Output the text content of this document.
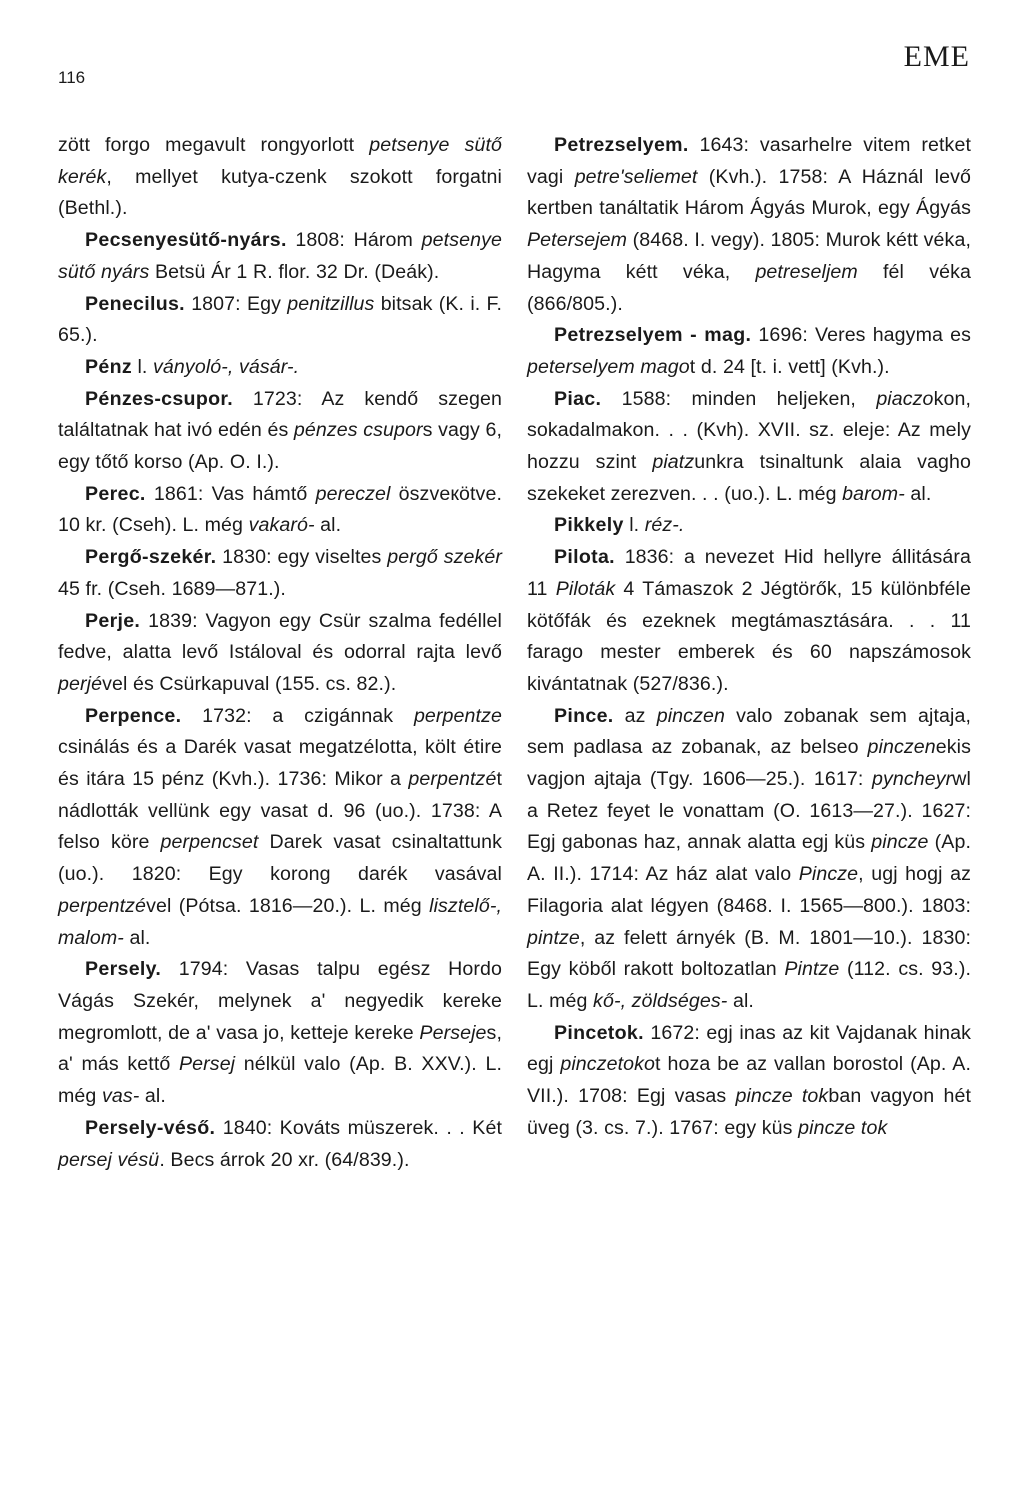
116
EME

zött forgo megavult rongyorlott petsenye sütő kerék, mellyet kutya-czenk szokott forgatni (Bethl.).

Pecsenyesütő-nyárs. 1808: Három petsenye sütő nyárs Betsü Ár 1 R. flor. 32 Dr. (Deák).

Penecilus. 1807: Egy penitzillus bitsak (K. i. F. 65.).

Pénz l. ványoló-, vásár-.

Pénzes-csupor. 1723: Az kendő szegen találtatnak hat ivó edén és pénzes csupors vagy 6, egy tőtő korso (Ap. O. I.).

Perec. 1861: Vas hámtő pereczel öszveкötve. 10 kr. (Cseh). L. még vakaró- al.

Pergő-szekér. 1830: egy viseltes pergő szekér 45 fr. (Cseh. 1689—871.).

Perje. 1839: Vagyon egy Csür szalma fedéllel fedve, alatta levő Istáloval és odorral rajta levő perjével és Csürkapuval (155. cs. 82.).

Perpence. 1732: a czigánnak perpentze csinálás és a Darék vasat megatzélotta, költ étire és itára 15 pénz (Kvh.). 1736: Mikor a perpentzét nádlották vellünk egy vasat d. 96 (uo.). 1738: A felso köre perpencset Darek vasat csinaltattunk (uo.). 1820: Egy korong darék vasával perpentzével (Pótsa. 1816—20.). L. még lisztelő-, malom- al.

Persely. 1794: Vasas talpu egész Hordo Vágás Szekér, melynek a' negyedik kereke megromlott, de a' vasa jo, ketteje kereke Persejes, a' más kettő Persej nélkül valo (Ap. B. XXV.). L. még vas- al.

Persely-véső. 1840: Kováts müszerek. . . Két persej vésü. Becs árrok 20 xr. (64/839.).

Petrezselyem. 1643: vasarhelre vitem retket vagi petre'seliemet (Kvh.). 1758: A Háznál levő kertben tanáltatik Három Ágyás Murok, egy Ágyás Petersejem (8468. I. vegy). 1805: Murok kétt véka, Hagyma kétt véka, petreseljem fél véka (866/805.).

Petrezselyem - mag. 1696: Veres hagyma es peterselyem magot d. 24 [t. i. vett] (Kvh.).

Piac. 1588: minden heljeken, piaczokon, sokadalmakon. . . (Kvh). XVII. sz. eleje: Az mely hozzu szint piatzunkra tsinaltunk alaia vagho szekeket zerezven. . . (uo.). L. még barom- al.

Pikkely l. réz-.

Pilota. 1836: a nevezet Hid hellyre állitására 11 Piloták 4 Támaszok 2 Jégtörők, 15 különbféle kötőfák és ezeknek megtámasztására. . . 11 farago mester emberek és 60 napszámosok kivántatnak (527/836.).

Pince. az pinczen valo zobanak sem ajtaja, sem padlasa az zobanak, az belseo pinczenekis vagjon ajtaja (Tgy. 1606—25.). 1617: pyncheyrwl a Retez feyet le vonattam (O. 1613—27.). 1627: Egj gabonas haz, annak alatta egj küs pincze (Ap. A. II.). 1714: Az ház alat valo Pincze, ugj hogj az Filagoria alat légyen (8468. I. 1565—800.). 1803: pintze, az felett árnyék (B. M. 1801—10.). 1830: Egy köből rakott boltozatlan Pintze (112. cs. 93.). L. még kő-, zöldséges- al.

Pincetok. 1672: egj inas az kit Vajdanak hinak egj pinczetokot hoza be az vallan borostol (Ap. A. VII.). 1708: Egj vasas pincze tokban vagyon hét üveg (3. cs. 7.). 1767: egy küs pincze tok
